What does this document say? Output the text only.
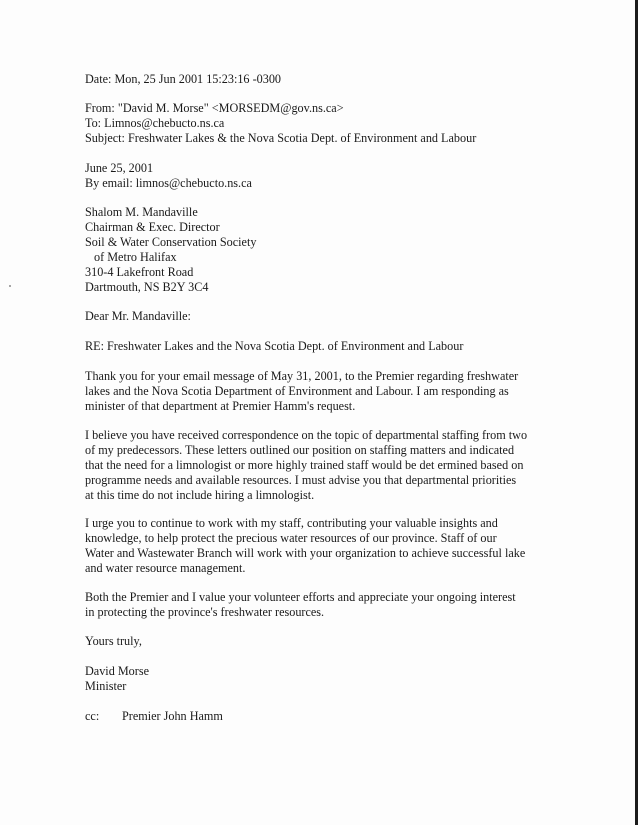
Date: Mon, 25 Jun 2001 15:23:16 -0300
From: "David M. Morse" <MORSEDM@gov.ns.ca>
To: Limnos@chebucto.ns.ca
Subject: Freshwater Lakes & the Nova Scotia Dept. of Environment and Labour
June 25, 2001
By email: limnos@chebucto.ns.ca
Shalom M. Mandaville
Chairman & Exec. Director
Soil & Water Conservation Society
of Metro Halifax
310-4 Lakefront Road
Dartmouth, NS B2Y 3C4
Dear Mr. Mandaville:
RE: Freshwater Lakes and the Nova Scotia Dept. of Environment and Labour
Thank you for your email message of May 31, 2001, to the Premier regarding freshwater
lakes and the Nova Scotia Department of Environment and Labour. I am responding as
minister of that department at Premier Hamm's request.
I believe you have received correspondence on the topic of departmental staffing from two
of my predecessors. These letters outlined our position on staffing matters and indicated
that the need for a limnologist or more highly trained staff would be det ermined based on
programme needs and available resources. I must advise you that departmental priorities
at this time do not include hiring a limnologist.
I urge you to continue to work with my staff, contributing your valuable insights and
knowledge, to help protect the precious water resources of our province. Staff of our
Water and Wastewater Branch will work with your organization to achieve successful lake
and water resource management.
Both the Premier and I value your volunteer efforts and appreciate your ongoing interest
in protecting the province's freshwater resources.
Yours truly,
David Morse
Minister
cc: Premier John Hamm
